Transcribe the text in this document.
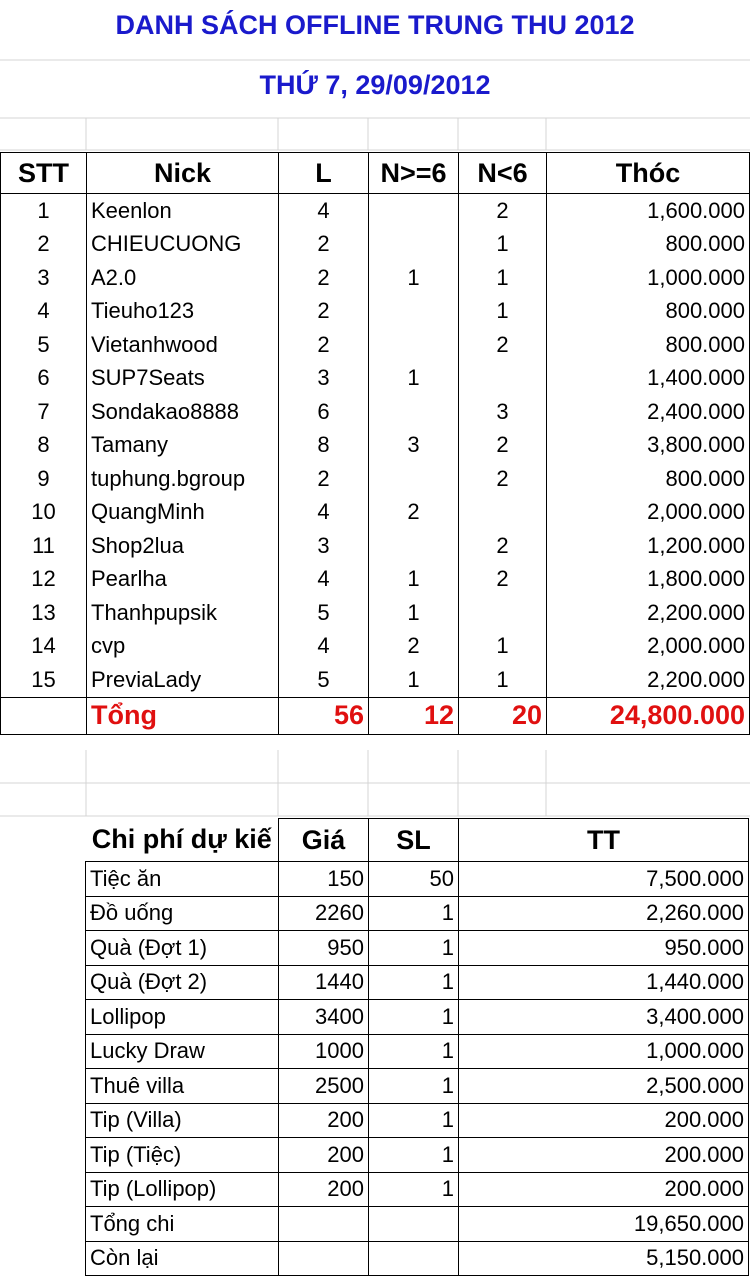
DANH SÁCH OFFLINE TRUNG THU 2012
THỨ 7, 29/09/2012
STT	Nick	L	N>=6	N<6	Thóc
1	Keenlon	4		2	1,600.000
2	CHIEUCUONG	2		1	800.000
3	A2.0	2	1	1	1,000.000
4	Tieuho123	2		1	800.000
5	Vietanhwood	2		2	800.000
6	SUP7Seats	3	1		1,400.000
7	Sondakao8888	6		3	2,400.000
8	Tamany	8	3	2	3,800.000
9	tuphung.bgroup	2		2	800.000
10	QuangMinh	4	2		2,000.000
11	Shop2lua	3		2	1,200.000
12	Pearlha	4	1	2	1,800.000
13	Thanhpupsik	5	1		2,200.000
14	cvp	4	2	1	2,000.000
15	PreviaLady	5	1	1	2,200.000
	Tổng	56	12	20	24,800.000
Chi phí dự kiế	Giá	SL	TT
Tiệc ăn	150	50	7,500.000
Đồ uống	2260	1	2,260.000
Quà (Đợt 1)	950	1	950.000
Quà (Đợt 2)	1440	1	1,440.000
Lollipop	3400	1	3,400.000
Lucky Draw	1000	1	1,000.000
Thuê villa	2500	1	2,500.000
Tip (Villa)	200	1	200.000
Tip (Tiệc)	200	1	200.000
Tip (Lollipop)	200	1	200.000
Tổng chi			19,650.000
Còn lại			5,150.000
